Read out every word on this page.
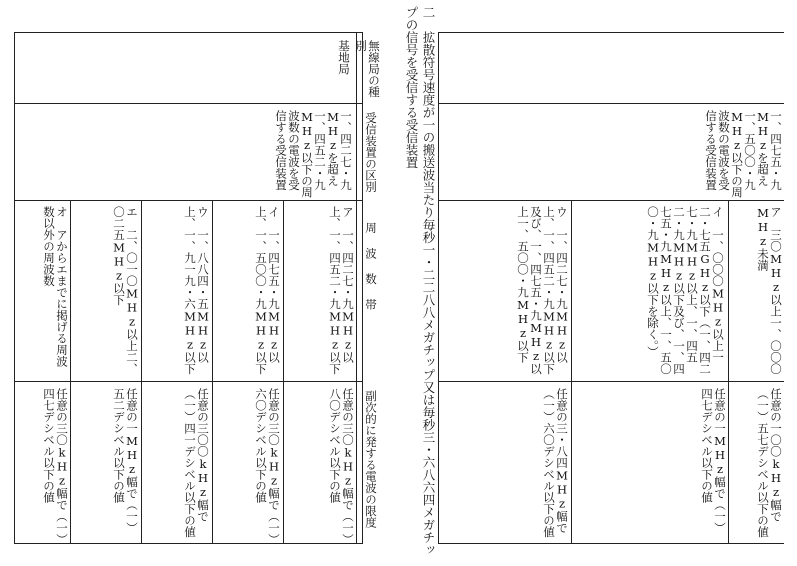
二　拡散符号速度が一の搬送波当たり毎秒一・二二八八メガチップ又は毎秒三・六八六四メガチップの信号を受信する受信装置
無線局の種別
受信装置の区別
周波数帯
副次的に発する電波の限度
基地局
一、四二七・九MHzを超え一、四五二・九MHz以下の周波数の電波を受信する受信装置
ア　一、四二七・九MHz以上、一、四五二・九MHz以下
イ　一、四七五・九MHz以上、一、五〇〇・九MHz以下
ウ　一、八八四・五MHz以上、一、九一九・六MHz以下
エ　二、〇一〇MHz以上二、〇二五MHz以下
オ　アからエまでに掲げる周波数以外の周波数
任意の三〇kHz幅で（一）八〇デシベル以下の値
任意の三〇kHz幅で（一）六〇デシベル以下の値
任意の三〇〇kHz幅で（一）四一デシベル以下の値
任意の一MHz幅で（一）五二デシベル以下の値
任意の三〇kHz幅で（一）四七デシベル以下の値
一、四七五・九MHzを超え一、五〇〇・九MHz以下の周波数の電波を受信する受信装置
ア　三〇MHz以上一、〇〇〇MHz未満
イ　一、〇〇〇MHz以上一二・七五GHz以下（一、四二七・九MHz以上、一、四五二・九MHz以下及び、一、四七五・九MHz以上、一、五〇〇・九MHz以下を除く。）
ウ　一、四二七・九MHz以上、一、四五二・九MHz以下及び、一、四七五・九MHz以上一、五〇〇・九MHz以下
任意の一〇〇kHz幅で（一）五七デシベル以下の値
任意の一MHz幅で（一）四七デシベル以下の値
任意の三・八四MHz幅で（一）六〇デシベル以下の値
